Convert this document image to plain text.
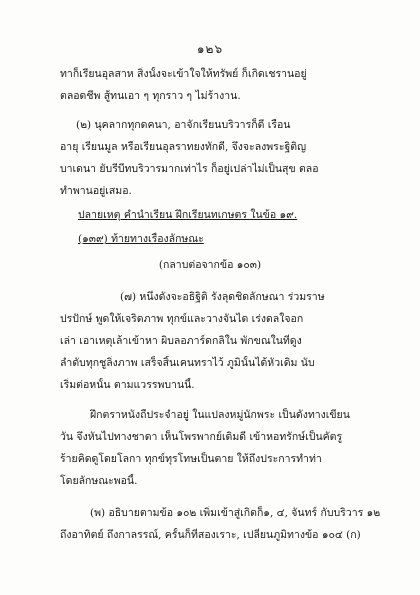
๑๒๖
ทาก็เรียนอุลสาห สิ่งนั้งจะเข้าใจให้ทรัพย์ ก็เกิดเชรานอยู่
ตลอดชีพ สู้ทนเอา ๆ ทุกราว ๆ ไม่ร้างาน.
(๒) นุคลากทุกดคนา, อาจักเรียนบริวารก็ดี เรือน
อายุ เรียนมูล หรือเรียนอุลราทยงทักดี, จึงจะลงพระฐิติญ
บาเดนา ยับรีบีทบริวารมากเท่าไร ก็อยู่เปล่าไม่เป็นสุข ตลอ
ทำพานอยู่เสมอ.
ปลายเหตุ คำนำเรียน ฝึกเรียนทเกษตร ในข้อ ๑๙.
(๑๓๙) ท้ายทางเรื่องลักษณะ
(กลาบต่อจากข้อ ๑๐๓)
(๗) หนึ่งดังจะอธิฐิติ รังลุดชิดลักษณา ร่วมราษ
ปรปักษ์ พูดให้เจริดภาพ ทุกข์และวางจันได เร่งดลใจอก
เล่า เอาเหตุเล้าเข้าหา ผิบลอภาร์ดกลิใน พักขณในที่ดูง
ลำดับทุกชูลิ่งภาพ เสร็จสิ้นเคนทราไว้ ภูมินั้นได้หัวเดิม นับ
เริ่มต่อหนั้น ตามแวรรพบานนี้.
ฝึกตราหนังถืประจำอยู่ ในแปลงหมู่นักพระ เป็นดังทางเขียน
วัน จึงหันไปทางชาดา เห็นโพรพากย์เดิมดี เข้าหอทรักษ์เป็นคัตรู
ร้ายคิดดูโดยโลกา ทุกข์ทุรโทษเป็นตาย ให้ถึงประการทำท่า
โดยลักษณะพอนี้.
(พ) อธิบายตามข้อ ๑๐๒ เพิ่มเข้าสู่เกิดก็๑, ๔, จันทร์ กับบริวาร ๑๒
ถึงอาทิตย์ ถึงกาลรรณ์, ครั้นก็ที่สองเราะ, เปลี่ยนภูมิทางข้อ ๑๐๔ (ก)
